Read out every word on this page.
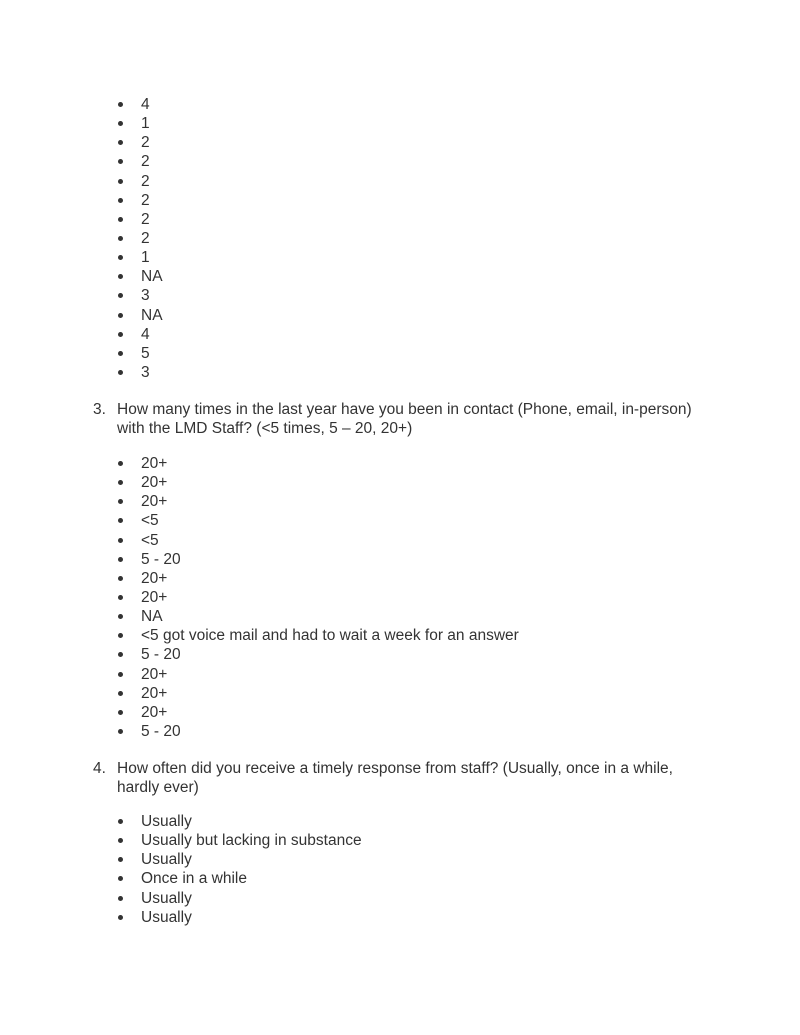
4
1
2
2
2
2
2
2
1
NA
3
NA
4
5
3
3. How many times in the last year have you been in contact (Phone, email, in-person) with the LMD Staff? (<5 times, 5 – 20, 20+)
20+
20+
20+
<5
<5
5 - 20
20+
20+
NA
<5 got voice mail and had to wait a week for an answer
5 - 20
20+
20+
20+
5 - 20
4. How often did you receive a timely response from staff? (Usually, once in a while, hardly ever)
Usually
Usually but lacking in substance
Usually
Once in a while
Usually
Usually
